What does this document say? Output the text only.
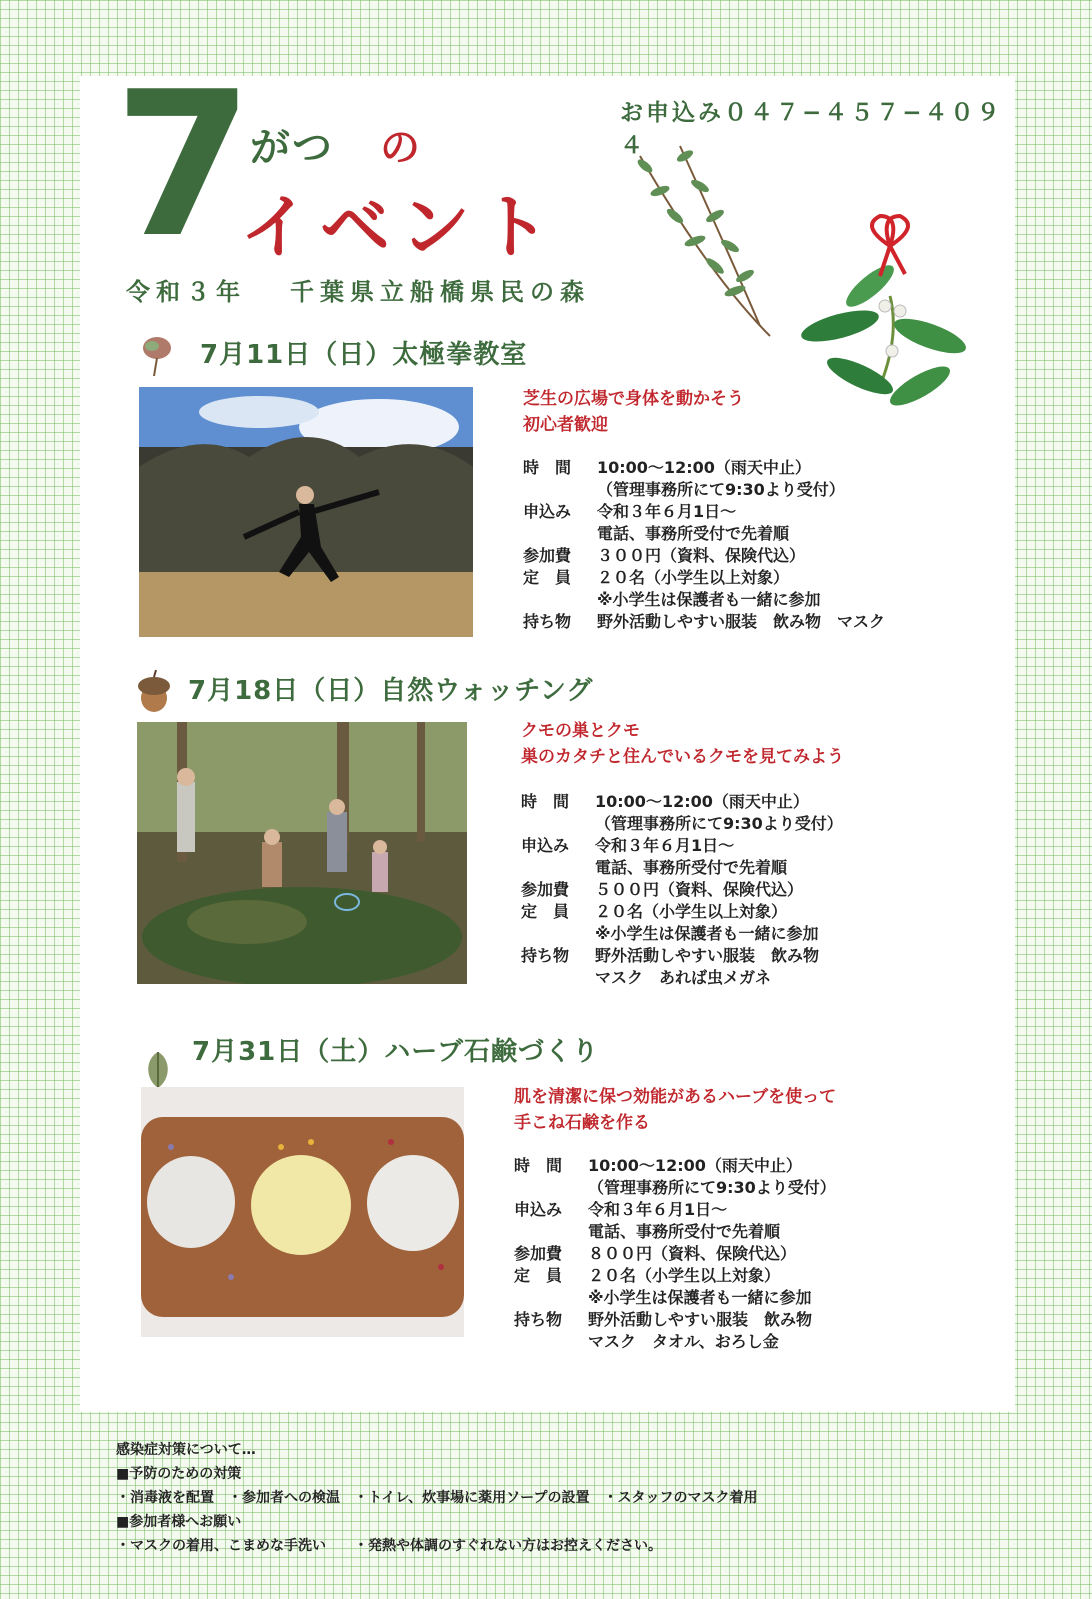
7
がつ の
イベント
お申込み０４７−４５７−４０９４
令和３年 千葉県立船橋県民の森
7月11日（日）太極拳教室
芝生の広場で身体を動かそう
初心者歓迎
時　間	10:00〜12:00（雨天中止）
（管理事務所にて9:30より受付）
申込み	令和３年６月1日〜
電話、事務所受付で先着順
参加費	３００円（資料、保険代込）
定　員	２０名（小学生以上対象）
※小学生は保護者も一緒に参加
持ち物	野外活動しやすい服装　飲み物　マスク
7月18日（日）自然ウォッチング
クモの巣とクモ
巣のカタチと住んでいるクモを見てみよう
時　間	10:00〜12:00（雨天中止）
（管理事務所にて9:30より受付）
申込み	令和３年６月1日〜
電話、事務所受付で先着順
参加費	５００円（資料、保険代込）
定　員	２０名（小学生以上対象）
※小学生は保護者も一緒に参加
持ち物	野外活動しやすい服装　飲み物
マスク　あれば虫メガネ
7月31日（土）ハーブ石鹸づくり
肌を清潔に保つ効能があるハーブを使って
手こね石鹸を作る
時　間	10:00〜12:00（雨天中止）
（管理事務所にて9:30より受付）
申込み	令和３年６月1日〜
電話、事務所受付で先着順
参加費	８００円（資料、保険代込）
定　員	２０名（小学生以上対象）
※小学生は保護者も一緒に参加
持ち物	野外活動しやすい服装　飲み物
マスク　タオル、おろし金
感染症対策について…
■予防のための対策
・消毒液を配置　・参加者への検温　・トイレ、炊事場に薬用ソープの設置　・スタッフのマスク着用
■参加者様へお願い
・マスクの着用、こまめな手洗い　　・発熱や体調のすぐれない方はお控えください。
